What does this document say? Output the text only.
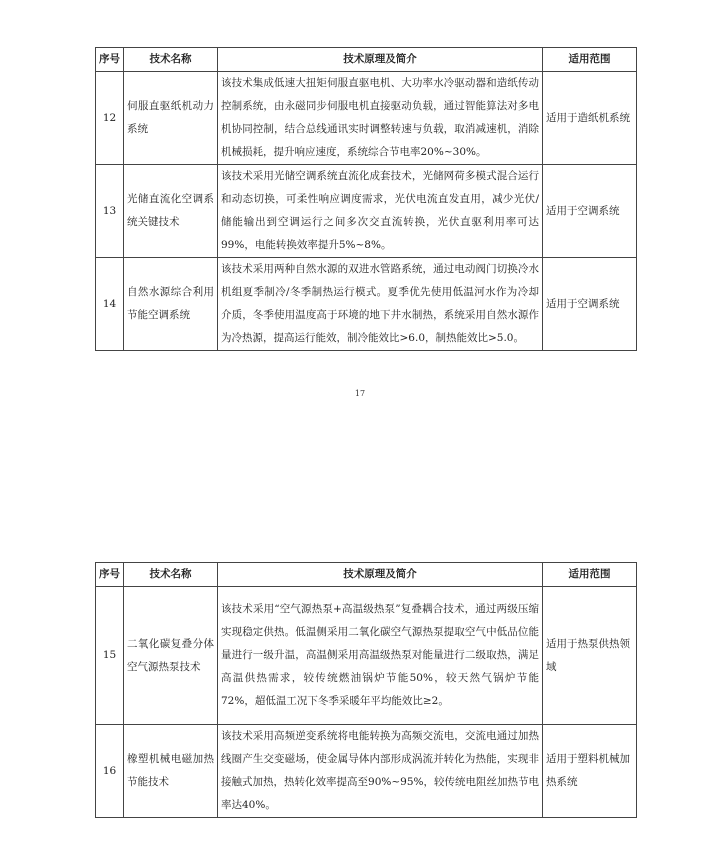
序号	技术名称	技术原理及简介	适用范围
12	伺服直驱纸机动力系统	该技术集成低速大扭矩伺服直驱电机、大功率水冷驱动器和造纸传动控制系统，由永磁同步伺服电机直接驱动负载，通过智能算法对多电机协同控制，结合总线通讯实时调整转速与负载，取消减速机，消除机械损耗，提升响应速度，系统综合节电率20%~30%。	适用于造纸机系统
13	光储直流化空调系统关键技术	该技术采用光储空调系统直流化成套技术，光储网荷多模式混合运行和动态切换，可柔性响应调度需求，光伏电流直发直用，减少光伏/储能输出到空调运行之间多次交直流转换，光伏直驱利用率可达99%，电能转换效率提升5%~8%。	适用于空调系统
14	自然水源综合利用节能空调系统	该技术采用两种自然水源的双进水管路系统，通过电动阀门切换冷水机组夏季制冷/冬季制热运行模式。夏季优先使用低温河水作为冷却介质，冬季使用温度高于环境的地下井水制热，系统采用自然水源作为冷热源，提高运行能效，制冷能效比>6.0，制热能效比>5.0。	适用于空调系统
17
序号	技术名称	技术原理及简介	适用范围
15	二氧化碳复叠分体空气源热泵技术	该技术采用“空气源热泵+高温级热泵”复叠耦合技术，通过两级压缩实现稳定供热。低温侧采用二氧化碳空气源热泵提取空气中低品位能量进行一级升温，高温侧采用高温级热泵对能量进行二级取热，满足高温供热需求，较传统燃油锅炉节能50%，较天然气锅炉节能72%，超低温工况下冬季采暖年平均能效比≥2。	适用于热泵供热领域
16	橡塑机械电磁加热节能技术	该技术采用高频逆变系统将电能转换为高频交流电，交流电通过加热线圈产生交变磁场，使金属导体内部形成涡流并转化为热能，实现非接触式加热，热转化效率提高至90%~95%，较传统电阻丝加热节电率达40%。	适用于塑料机械加热系统
